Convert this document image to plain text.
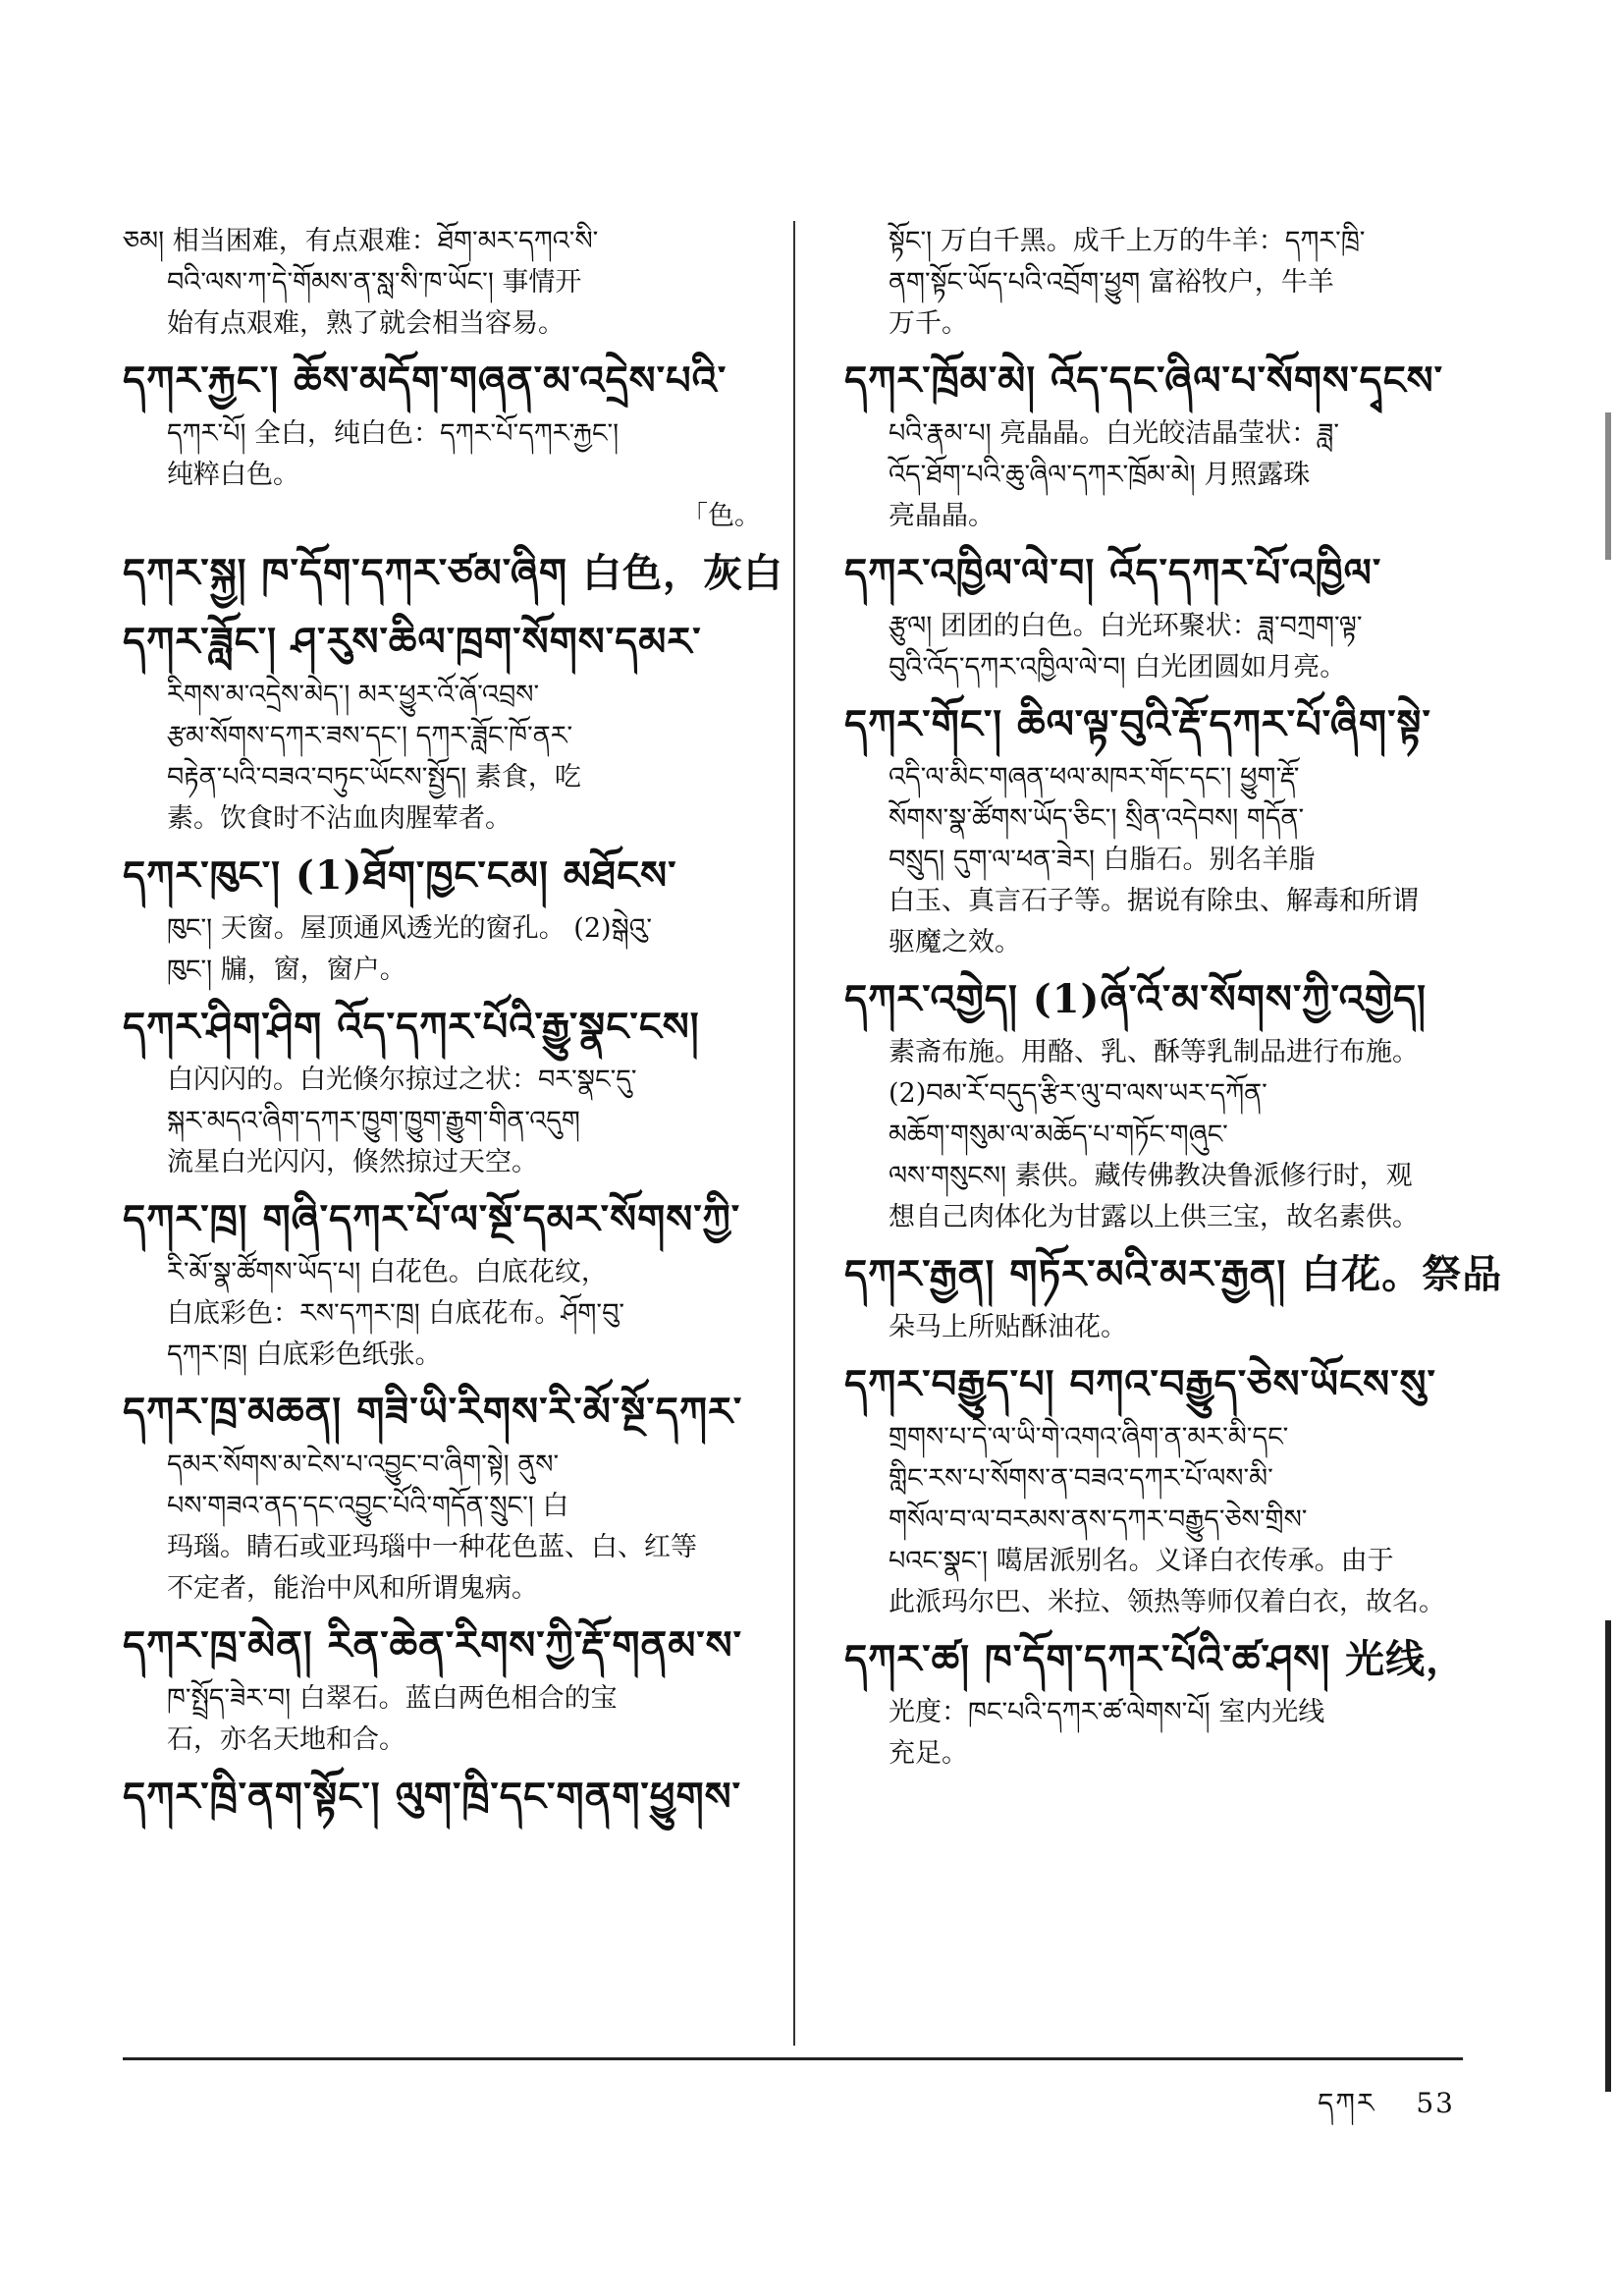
ཅམ། 相当困难，有点艰难：ཐོག་མར་དཀའ་སི་

བའི་ལས་ཀ་དེ་གོམས་ན་སླ་སི་ཁ་ཡོང་། 事情开

始有点艰难，熟了就会相当容易。

དཀར་རྐྱང་། ཆོས་མདོག་གཞན་མ་འདྲེས་པའི་

དཀར་པོ། 全白，纯白色：དཀར་པོ་དཀར་རྐྱང་།

纯粹白色。

「色。

དཀར་སྐྱ། ཁ་དོག་དཀར་ཙམ་ཞིག 白色，灰白

དཀར་ཟློང་། ཤ་རུས་ཆིལ་ཁྲག་སོགས་དམར་

རིགས་མ་འདྲེས་མེད་། མར་ཕྱུར་འོ་ཞོ་འབྲས་

རྩམ་སོགས་དཀར་ཟས་དང་། དཀར་ཟློང་ཁོ་ནར་

བརྟེན་པའི་བཟའ་བཏུང་ཡོངས་སྤྱོད། 素食，吃

素。饮食时不沾血肉腥荤者。

དཀར་ཁུང་། (1)ཐོག་ཁྱང་ངམ། མཐོངས་

ཁུང་། 天窗。屋顶通风透光的窗孔。 (2)སྒེའུ་

ཁུང་། 牖，窗，窗户。

དཀར་ཤིག་ཤིག འོད་དཀར་པོའི་རྒྱུ་སྣང་ངས།

白闪闪的。白光倏尔掠过之状：བར་སྣང་དུ་

སྐར་མདའ་ཞིག་དཀར་ཁྱུག་ཁྱུག་རྒྱུག་གིན་འདུག

流星白光闪闪，倏然掠过天空。

དཀར་ཁྲ། གཞི་དཀར་པོ་ལ་སྔོ་དམར་སོགས་ཀྱི་

རི་མོ་སྣ་ཚོགས་ཡོད་པ། 白花色。白底花纹，

白底彩色：རས་དཀར་ཁྲ། 白底花布。ཤོག་བུ་

དཀར་ཁྲ། 白底彩色纸张。

དཀར་ཁྲ་མཆན། གཟི་ཡི་རིགས་རི་མོ་སྔོ་དཀར་

དམར་སོགས་མ་ངེས་པ་འབྱུང་བ་ཞིག་སྟེ། ནུས་

པས་གཟའ་ནད་དང་འབྱུང་པོའི་གདོན་སྲུང་། 白

玛瑙。睛石或亚玛瑙中一种花色蓝、白、红等

不定者，能治中风和所谓鬼病。

དཀར་ཁྲ་མེན། རིན་ཆེན་རིགས་ཀྱི་རྡོ་གནམ་ས་

ཁ་སྤྲོད་ཟེར་བ། 白翠石。蓝白两色相合的宝

石，亦名天地和合。

དཀར་ཁྲི་ནག་སྟོང་། ལུག་ཁྲི་དང་གནག་ཕྱུགས་

སྟོང་། 万白千黑。成千上万的牛羊：དཀར་ཁྲི་

ནག་སྟོང་ཡོད་པའི་འབྲོག་ཕྱུག 富裕牧户，牛羊

万千。

དཀར་ཁྲོམ་མེ། འོད་དང་ཞིལ་པ་སོགས་དྭངས་

པའི་རྣམ་པ། 亮晶晶。白光皎洁晶莹状：ཟླ་

འོད་ཐོག་པའི་ཆུ་ཞིལ་དཀར་ཁྲོམ་མེ། 月照露珠

亮晶晶。

དཀར་འཁྱིལ་ལེ་བ། འོད་དཀར་པོ་འཁྱིལ་

རྩུལ། 团团的白色。白光环聚状：ཟླ་བཀྲག་ལྟ་

བུའི་འོད་དཀར་འཁྱིལ་ལེ་བ། 白光团圆如月亮。

དཀར་གོང་། ཆིལ་ལྟ་བུའི་རྡོ་དཀར་པོ་ཞིག་སྟེ་

འདི་ལ་མིང་གཞན་ཕལ་མཁར་གོང་དང་། ཕྱུག་རྡོ་

སོགས་སྣ་ཚོགས་ཡོད་ཅིང་། སྲིན་འདེབས། གདོན་

བསྲུད། དུག་ལ་ཕན་ཟེར། 白脂石。别名羊脂

白玉、真言石子等。据说有除虫、解毒和所谓

驱魔之效。

དཀར་འགྱེད། (1)ཞོ་འོ་མ་སོགས་ཀྱི་འགྱེད།

素斋布施。用酪、乳、酥等乳制品进行布施。

(2)བམ་རོ་བདུད་རྩིར་ལུ་བ་ལས་ཡར་དཀོན་

མཆོག་གསུམ་ལ་མཆོད་པ་གཏོང་གཞུང་

ལས་གསུངས། 素供。藏传佛教决鲁派修行时，观

想自己肉体化为甘露以上供三宝，故名素供。

དཀར་རྒྱན། གཏོར་མའི་མར་རྒྱན། 白花。祭品

朵马上所贴酥油花。

དཀར་བརྒྱུད་པ། བཀའ་བརྒྱུད་ཅེས་ཡོངས་སུ་

གྲགས་པ་དེ་ལ་ཡི་གེ་འགའ་ཞིག་ན་མར་མི་དང་

གླིང་རས་པ་སོགས་ན་བཟའ་དཀར་པོ་ལས་མི་

གསོལ་བ་ལ་བརམས་ནས་དཀར་བརྒྱུད་ཅེས་གྲིས་

པའང་སྣང་། 噶居派别名。义译白衣传承。由于

此派玛尔巴、米拉、领热等师仅着白衣，故名。

དཀར་ཚ། ཁ་དོག་དཀར་པོའི་ཚ་ཤས། 光线，

光度：ཁང་པའི་དཀར་ཚ་ལེགས་པོ། 室内光线

充足。

དཀར 53
